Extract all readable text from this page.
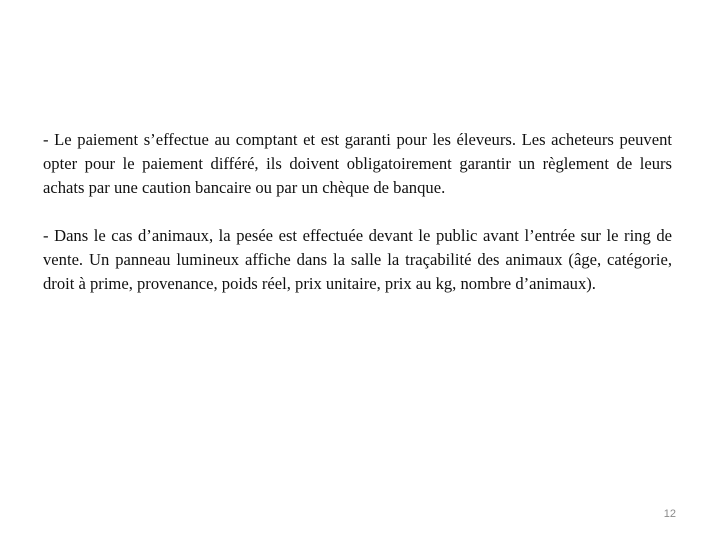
- Le paiement s’effectue au comptant et est garanti pour les éleveurs. Les acheteurs peuvent opter pour le paiement différé, ils doivent obligatoirement garantir un règlement de leurs achats par une caution bancaire ou par un chèque de banque.

- Dans le cas d’animaux, la pesée est effectuée devant le public avant l’entrée sur le ring de vente. Un panneau lumineux affiche dans la salle la traçabilité des animaux (âge, catégorie, droit à prime, provenance, poids réel, prix unitaire, prix au kg, nombre d’animaux).

12
